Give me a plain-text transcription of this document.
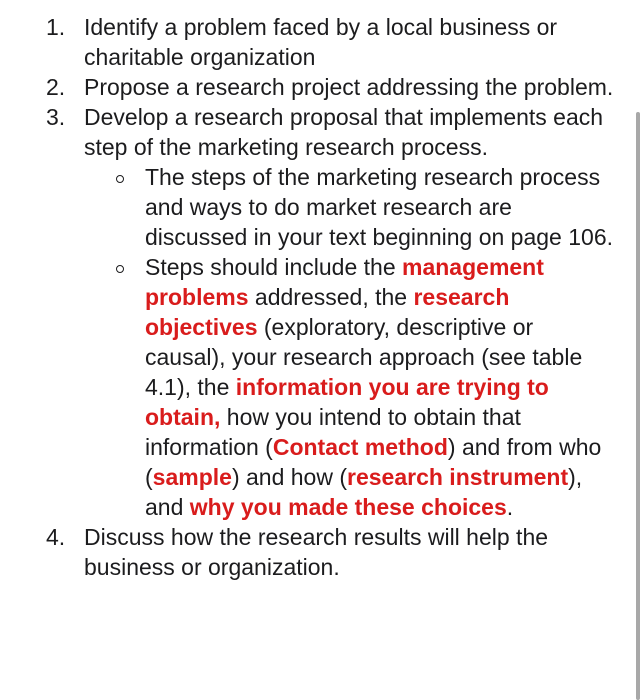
1. Identify a problem faced by a local business or charitable organization
2. Propose a research project addressing the problem.
3. Develop a research proposal that implements each step of the marketing research process.
The steps of the marketing research process and ways to do market research are discussed in your text beginning on page 106.
Steps should include the management problems addressed, the research objectives (exploratory, descriptive or causal), your research approach (see table 4.1), the information you are trying to obtain, how you intend to obtain that information (Contact method) and from who (sample) and how (research instrument), and why you made these choices.
4. Discuss how the research results will help the business or organization.
